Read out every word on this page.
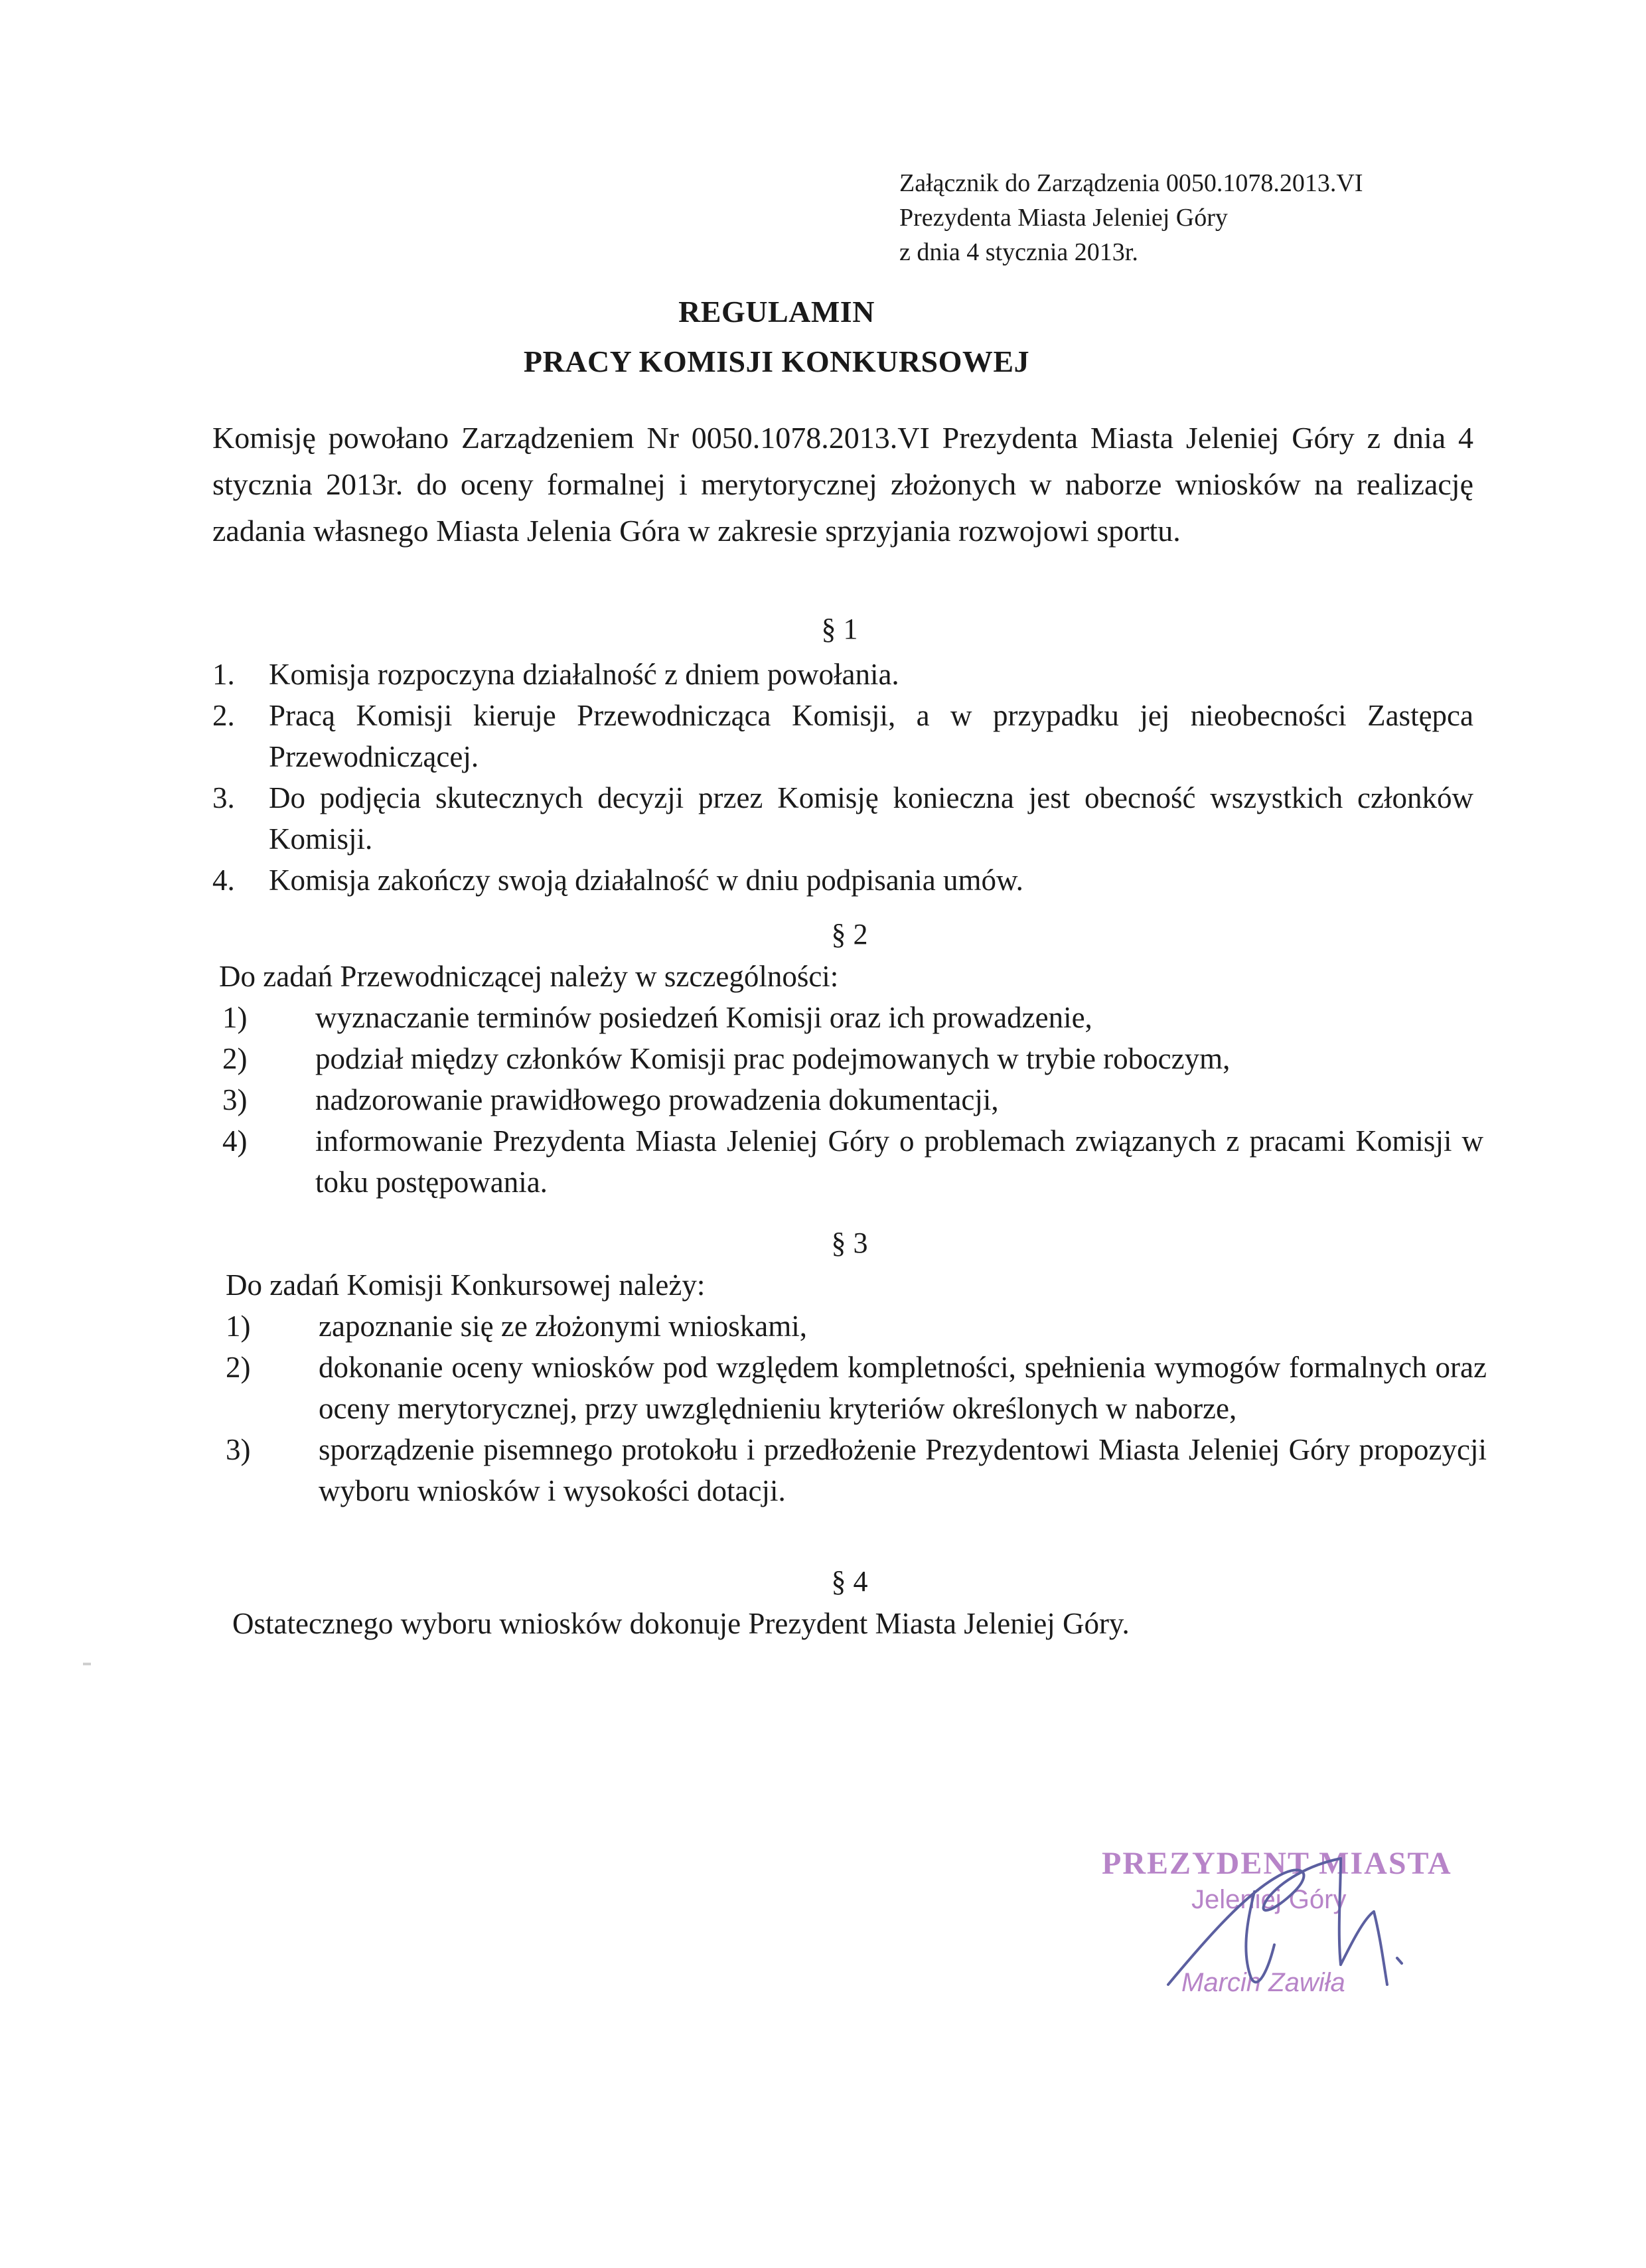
Załącznik do Zarządzenia 0050.1078.2013.VI
Prezydenta Miasta Jeleniej Góry
z dnia 4 stycznia 2013r.
REGULAMIN
PRACY KOMISJI KONKURSOWEJ
Komisję powołano Zarządzeniem Nr 0050.1078.2013.VI Prezydenta Miasta Jeleniej Góry z dnia 4 stycznia 2013r. do oceny formalnej i merytorycznej złożonych w naborze wniosków na realizację zadania własnego Miasta Jelenia Góra w zakresie sprzyjania rozwojowi sportu.
§ 1
1. Komisja rozpoczyna działalność z dniem powołania.
2. Pracą Komisji kieruje Przewodnicząca Komisji, a w przypadku jej nieobecności Zastępca Przewodniczącej.
3. Do podjęcia skutecznych decyzji przez Komisję konieczna jest obecność wszystkich członków Komisji.
4. Komisja zakończy swoją działalność w dniu podpisania umów.
§ 2
Do zadań Przewodniczącej należy w szczególności:
1) wyznaczanie terminów posiedzeń Komisji oraz ich prowadzenie,
2) podział między członków Komisji prac podejmowanych w trybie roboczym,
3) nadzorowanie prawidłowego prowadzenia dokumentacji,
4) informowanie Prezydenta Miasta Jeleniej Góry o problemach związanych z pracami Komisji w toku postępowania.
§ 3
Do zadań Komisji Konkursowej należy:
1) zapoznanie się ze złożonymi wnioskami,
2) dokonanie oceny wniosków pod względem kompletności, spełnienia wymogów formalnych oraz oceny merytorycznej, przy uwzględnieniu kryteriów określonych w naborze,
3) sporządzenie pisemnego protokołu i przedłożenie Prezydentowi Miasta Jeleniej Góry propozycji wyboru wniosków i wysokości dotacji.
§ 4
Ostatecznego wyboru wniosków dokonuje Prezydent Miasta Jeleniej Góry.
PREZYDENT MIASTA
Jeleniej Góry
Marcin Zawiła
